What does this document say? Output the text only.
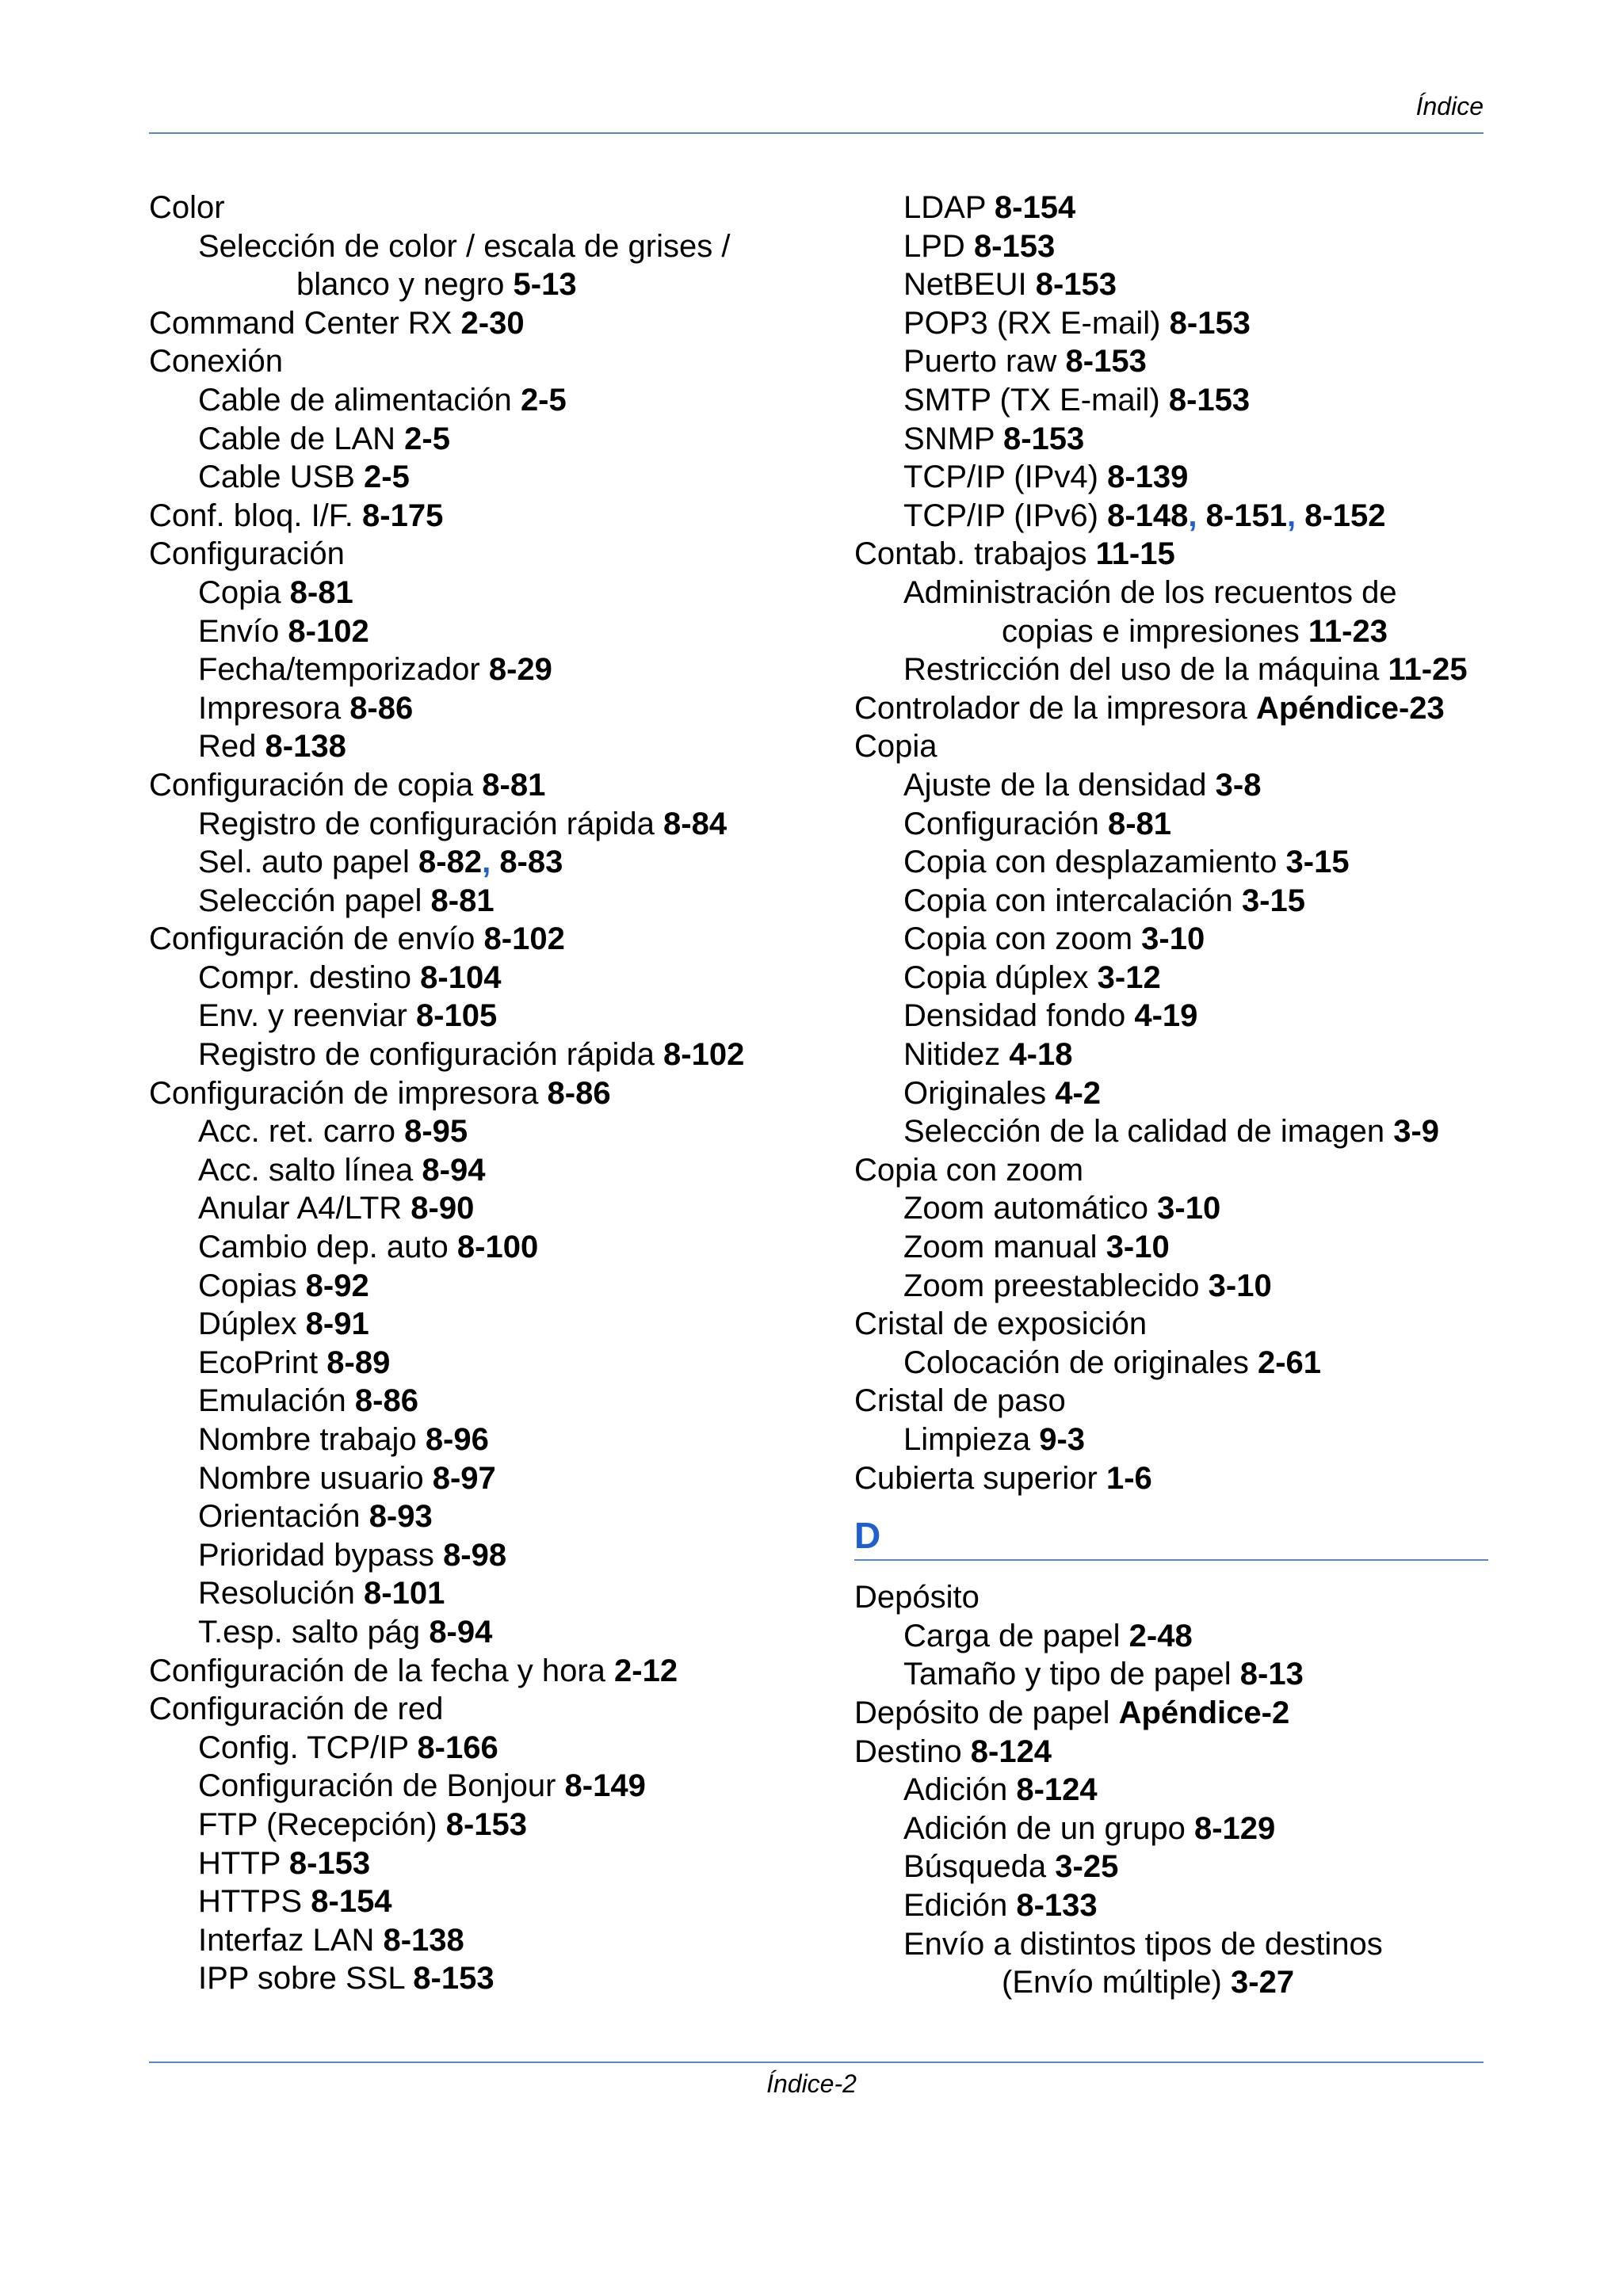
Índice
Color
Selección de color / escala de grises /
blanco y negro 5-13
Command Center RX 2-30
Conexión
Cable de alimentación 2-5
Cable de LAN 2-5
Cable USB 2-5
Conf. bloq. I/F. 8-175
Configuración
Copia 8-81
Envío 8-102
Fecha/temporizador 8-29
Impresora 8-86
Red 8-138
Configuración de copia 8-81
Registro de configuración rápida 8-84
Sel. auto papel 8-82, 8-83
Selección papel 8-81
Configuración de envío 8-102
Compr. destino 8-104
Env. y reenviar 8-105
Registro de configuración rápida 8-102
Configuración de impresora 8-86
Acc. ret. carro 8-95
Acc. salto línea 8-94
Anular A4/LTR 8-90
Cambio dep. auto 8-100
Copias 8-92
Dúplex 8-91
EcoPrint 8-89
Emulación 8-86
Nombre trabajo 8-96
Nombre usuario 8-97
Orientación 8-93
Prioridad bypass 8-98
Resolución 8-101
T.esp. salto pág 8-94
Configuración de la fecha y hora 2-12
Configuración de red
Config. TCP/IP 8-166
Configuración de Bonjour 8-149
FTP (Recepción) 8-153
HTTP 8-153
HTTPS 8-154
Interfaz LAN 8-138
IPP sobre SSL 8-153
LDAP 8-154
LPD 8-153
NetBEUI 8-153
POP3 (RX E-mail) 8-153
Puerto raw 8-153
SMTP (TX E-mail) 8-153
SNMP 8-153
TCP/IP (IPv4) 8-139
TCP/IP (IPv6) 8-148, 8-151, 8-152
Contab. trabajos 11-15
Administración de los recuentos de
copias e impresiones 11-23
Restricción del uso de la máquina 11-25
Controlador de la impresora Apéndice-23
Copia
Ajuste de la densidad 3-8
Configuración 8-81
Copia con desplazamiento 3-15
Copia con intercalación 3-15
Copia con zoom 3-10
Copia dúplex 3-12
Densidad fondo 4-19
Nitidez 4-18
Originales 4-2
Selección de la calidad de imagen 3-9
Copia con zoom
Zoom automático 3-10
Zoom manual 3-10
Zoom preestablecido 3-10
Cristal de exposición
Colocación de originales 2-61
Cristal de paso
Limpieza 9-3
Cubierta superior 1-6
D
Depósito
Carga de papel 2-48
Tamaño y tipo de papel 8-13
Depósito de papel Apéndice-2
Destino 8-124
Adición 8-124
Adición de un grupo 8-129
Búsqueda 3-25
Edición 8-133
Envío a distintos tipos de destinos
(Envío múltiple) 3-27
Índice-2
